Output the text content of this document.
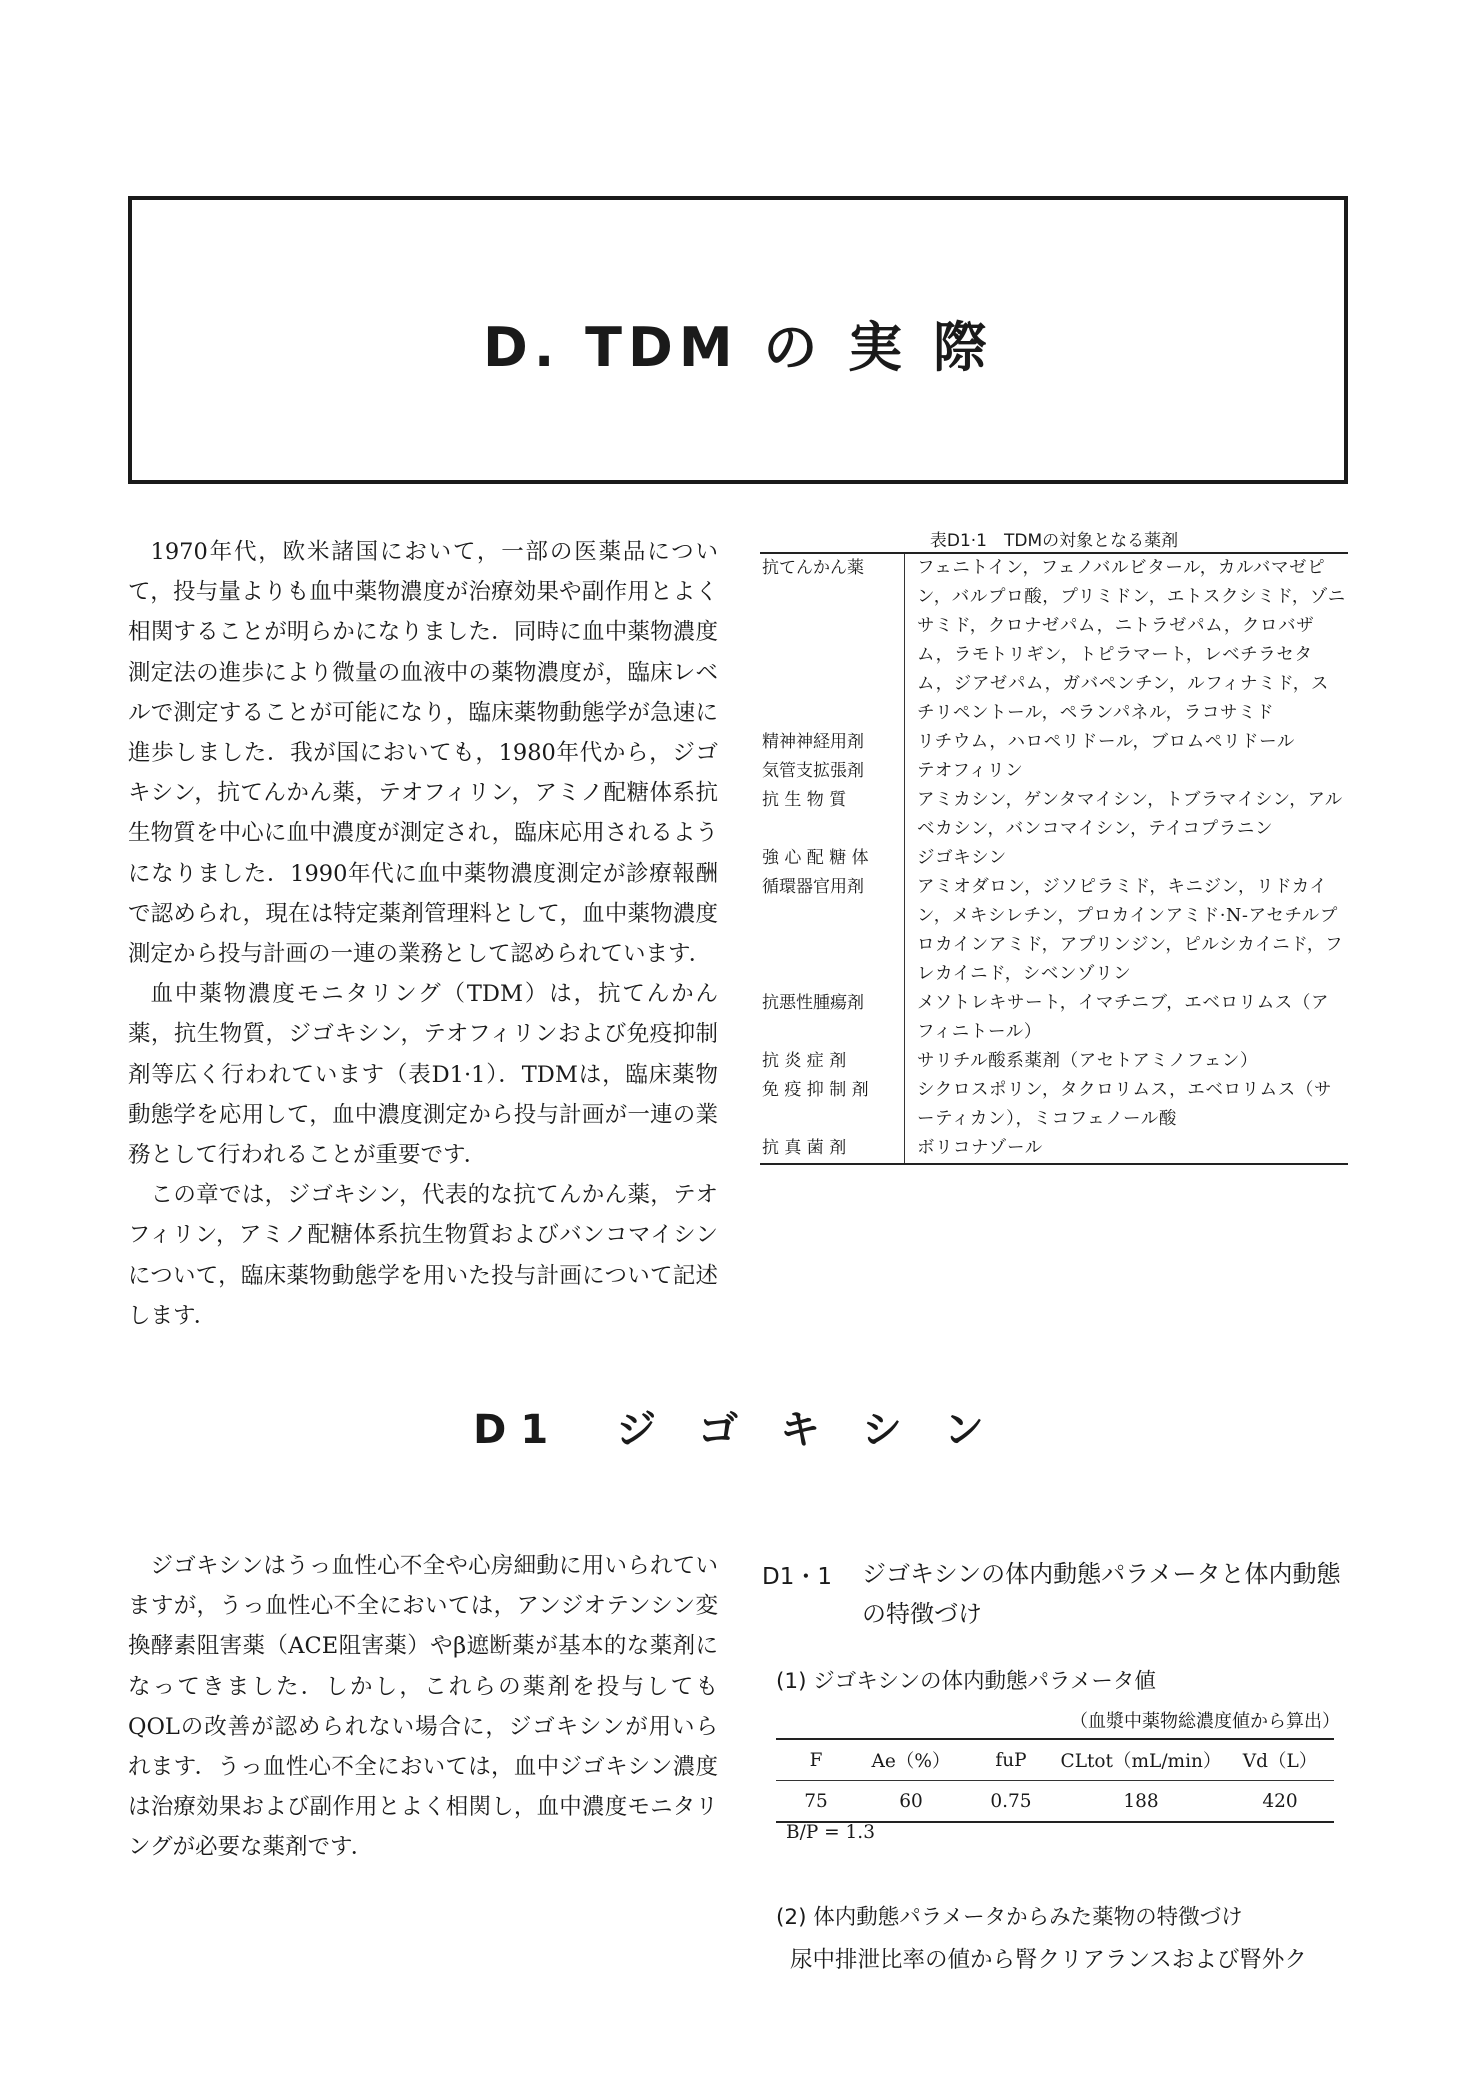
D. TDM の 実 際

1970年代，欧米諸国において，一部の医薬品について，投与量よりも血中薬物濃度が治療効果や副作用とよく相関することが明らかになりました．同時に血中薬物濃度測定法の進歩により微量の血液中の薬物濃度が，臨床レベルで測定することが可能になり，臨床薬物動態学が急速に進歩しました．我が国においても，1980年代から，ジゴキシン，抗てんかん薬，テオフィリン，アミノ配糖体系抗生物質を中心に血中濃度が測定され，臨床応用されるようになりました．1990年代に血中薬物濃度測定が診療報酬で認められ，現在は特定薬剤管理料として，血中薬物濃度測定から投与計画の一連の業務として認められています．

血中薬物濃度モニタリング（TDM）は，抗てんかん薬，抗生物質，ジゴキシン，テオフィリンおよび免疫抑制剤等広く行われています（表D1·1）．TDMは，臨床薬物動態学を応用して，血中濃度測定から投与計画が一連の業務として行われることが重要です．

この章では，ジゴキシン，代表的な抗てんかん薬，テオフィリン，アミノ配糖体系抗生物質およびバンコマイシンについて，臨床薬物動態学を用いた投与計画について記述します．

表D1·1　TDMの対象となる薬剤
抗てんかん薬	フェニトイン，フェノバルビタール，カルバマゼピン，バルプロ酸，プリミドン，エトスクシミド，ゾニサミド，クロナゼパム，ニトラゼパム，クロバザム，ラモトリギン，トピラマート，レベチラセタム，ジアゼパム，ガバペンチン，ルフィナミド，スチリペントール，ペランパネル，ラコサミド
精神神経用剤	リチウム，ハロペリドール，ブロムペリドール
気管支拡張剤	テオフィリン
抗 生 物 質	アミカシン，ゲンタマイシン，トブラマイシン，アルベカシン，バンコマイシン，テイコプラニン
強 心 配 糖 体	ジゴキシン
循環器官用剤	アミオダロン，ジソピラミド，キニジン，リドカイン，メキシレチン，プロカインアミド·N-アセチルプロカインアミド，アプリンジン，ピルシカイニド，フレカイニド，シベンゾリン
抗悪性腫瘍剤	メソトレキサート，イマチニブ，エベロリムス（アフィニトール）
抗 炎 症 剤	サリチル酸系薬剤（アセトアミノフェン）
免 疫 抑 制 剤	シクロスポリン，タクロリムス，エベロリムス（サーティカン），ミコフェノール酸
抗 真 菌 剤	ボリコナゾール
D1　ジ ゴ キ シ ン

ジゴキシンはうっ血性心不全や心房細動に用いられていますが，うっ血性心不全においては，アンジオテンシン変換酵素阻害薬（ACE阻害薬）やβ遮断薬が基本的な薬剤になってきました．しかし，これらの薬剤を投与してもQOLの改善が認められない場合に，ジゴキシンが用いられます．うっ血性心不全においては，血中ジゴキシン濃度は治療効果および副作用とよく相関し，血中濃度モニタリングが必要な薬剤です．

D1・1 ジゴキシンの体内動態パラメータと体内動態の特徴づけ
(1) ジゴキシンの体内動態パラメータ値
（血漿中薬物総濃度値から算出）
F	Ae（%）	fuP	CLtot（mL/min）	Vd（L）
75	60	0.75	188	420
B/P = 1.3
(2) 体内動態パラメータからみた薬物の特徴づけ
尿中排泄比率の値から腎クリアランスおよび腎外ク
